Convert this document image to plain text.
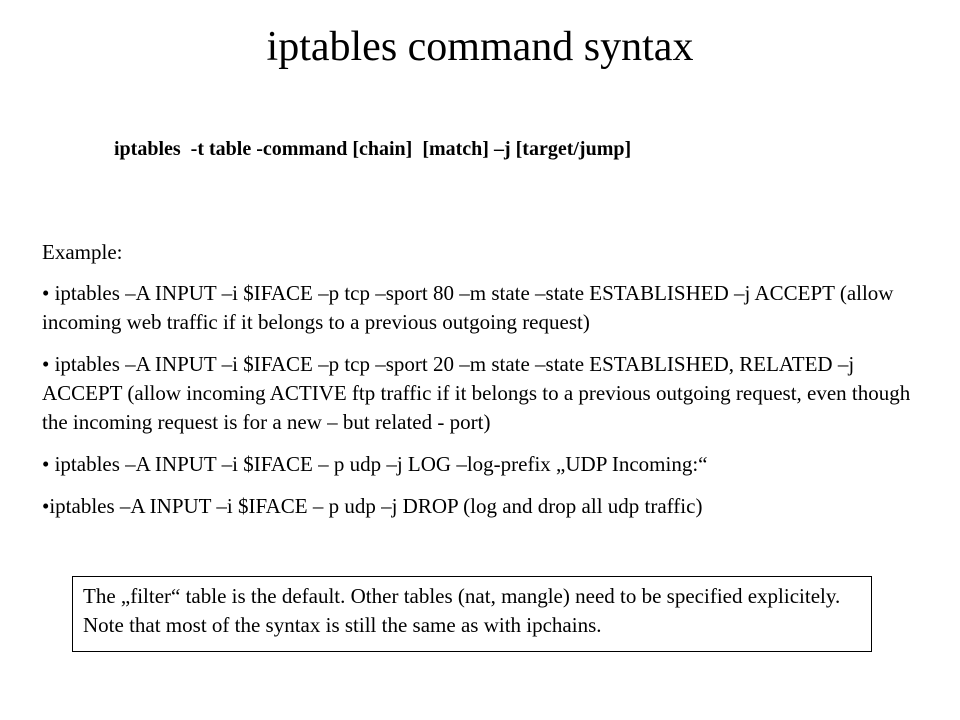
iptables command syntax

iptables  -t table -command [chain]  [match] –j [target/jump]

Example:

• iptables –A INPUT –i $IFACE –p tcp –sport 80 –m state –state ESTABLISHED –j ACCEPT (allow incoming web traffic if it belongs to a previous outgoing request)

• iptables –A INPUT –i $IFACE –p tcp –sport 20 –m state –state ESTABLISHED, RELATED –j ACCEPT (allow incoming ACTIVE ftp traffic if it belongs to a previous outgoing request, even though the incoming request is for a new – but related - port)

• iptables –A INPUT –i $IFACE – p udp –j LOG –log-prefix „UDP Incoming:“

•iptables –A INPUT –i $IFACE – p udp –j DROP (log and drop all udp traffic)

The „filter“ table is the default. Other tables (nat, mangle) need to be specified explicitely. Note that most of the syntax is still the same as with ipchains.
